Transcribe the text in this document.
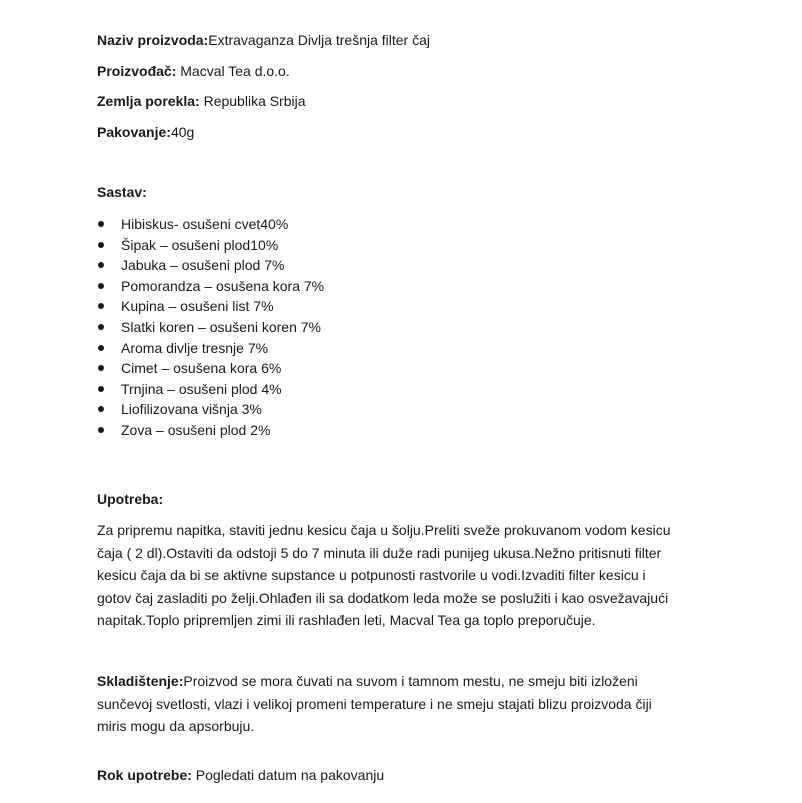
Naziv proizvoda:Extravaganza Divlja trešnja filter čaj
Proizvođač: Macval Tea d.o.o.
Zemlja porekla: Republika Srbija
Pakovanje:40g
Sastav:
Hibiskus- osušeni cvet40%
Šipak – osušeni plod10%
Jabuka – osušeni plod 7%
Pomorandza – osušena kora 7%
Kupina – osušeni list 7%
Slatki koren – osušeni koren 7%
Aroma divlje tresnje 7%
Cimet – osušena kora 6%
Trnjina – osušeni plod 4%
Liofilizovana višnja 3%
Zova – osušeni plod 2%
Upotreba:
Za pripremu napitka, staviti jednu kesicu čaja u šolju.Preliti sveže prokuvanom vodom kesicu
čaja ( 2 dl).Ostaviti da odstoji 5 do 7 minuta ili duže radi punijeg ukusa.Nežno pritisnuti filter
kesicu čaja da bi se aktivne supstance u potpunosti rastvorile u vodi.Izvaditi filter kesicu i
gotov čaj zasladiti po želji.Ohlađen ili sa dodatkom leda može se poslužiti i kao osvežavajući
napitak.Toplo pripremljen zimi ili rashlađen leti, Macval Tea ga toplo preporučuje.
Skladištenje:Proizvod se mora čuvati na suvom i tamnom mestu, ne smeju biti izloženi
sunčevoj svetlosti, vlazi i velikoj promeni temperature i ne smeju stajati blizu proizvoda čiji
miris mogu da apsorbuju.
Rok upotrebe: Pogledati datum na pakovanju
